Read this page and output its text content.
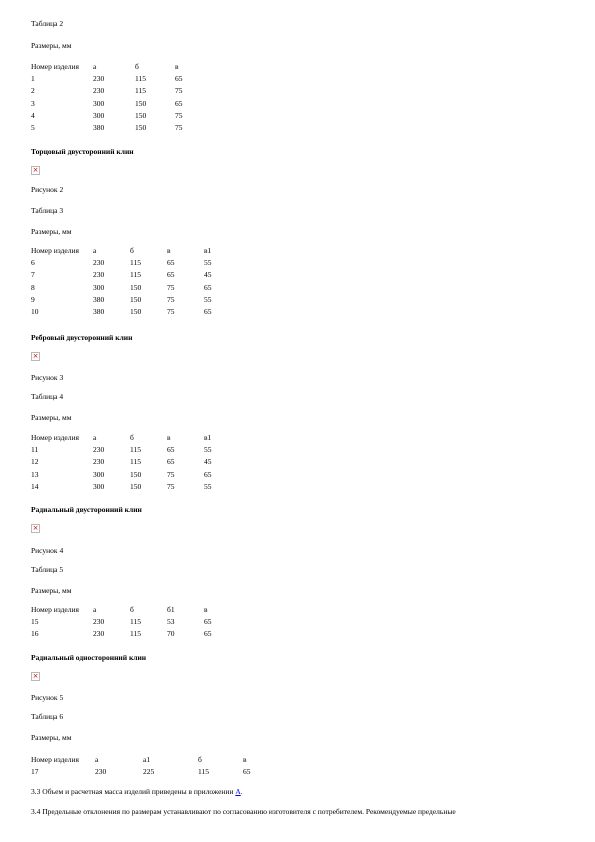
Таблица 2

Размеры, мм

Номер изделия	a	б	в
1	230	115	65
2	230	115	75
3	300	150	65
4	300	150	75
5	380	150	75

Торцовый двусторонний клин

×

Рисунок 2

Таблица 3

Размеры, мм

Номер изделия	a	б	в	в1
6	230	115	65	55
7	230	115	65	45
8	300	150	75	65
9	380	150	75	55
10	380	150	75	65

Ребровый двусторонний клин

×

Рисунок 3

Таблица 4

Размеры, мм

Номер изделия	a	б	в	в1
11	230	115	65	55
12	230	115	65	45
13	300	150	75	65
14	300	150	75	55

Радиальный двусторонний клин

×

Рисунок 4

Таблица 5

Размеры, мм

Номер изделия	a	б	б1	в
15	230	115	53	65
16	230	115	70	65

Радиальный односторонний клин

×

Рисунок 5

Таблица 6

Размеры, мм

Номер изделия	a	a1	б	в
17	230	225	115	65

3.3 Объем и расчетная масса изделий приведены в приложении А.

3.4 Предельные отклонения по размерам устанавливают по согласованию изготовителя с потребителем. Рекомендуемые предельные
